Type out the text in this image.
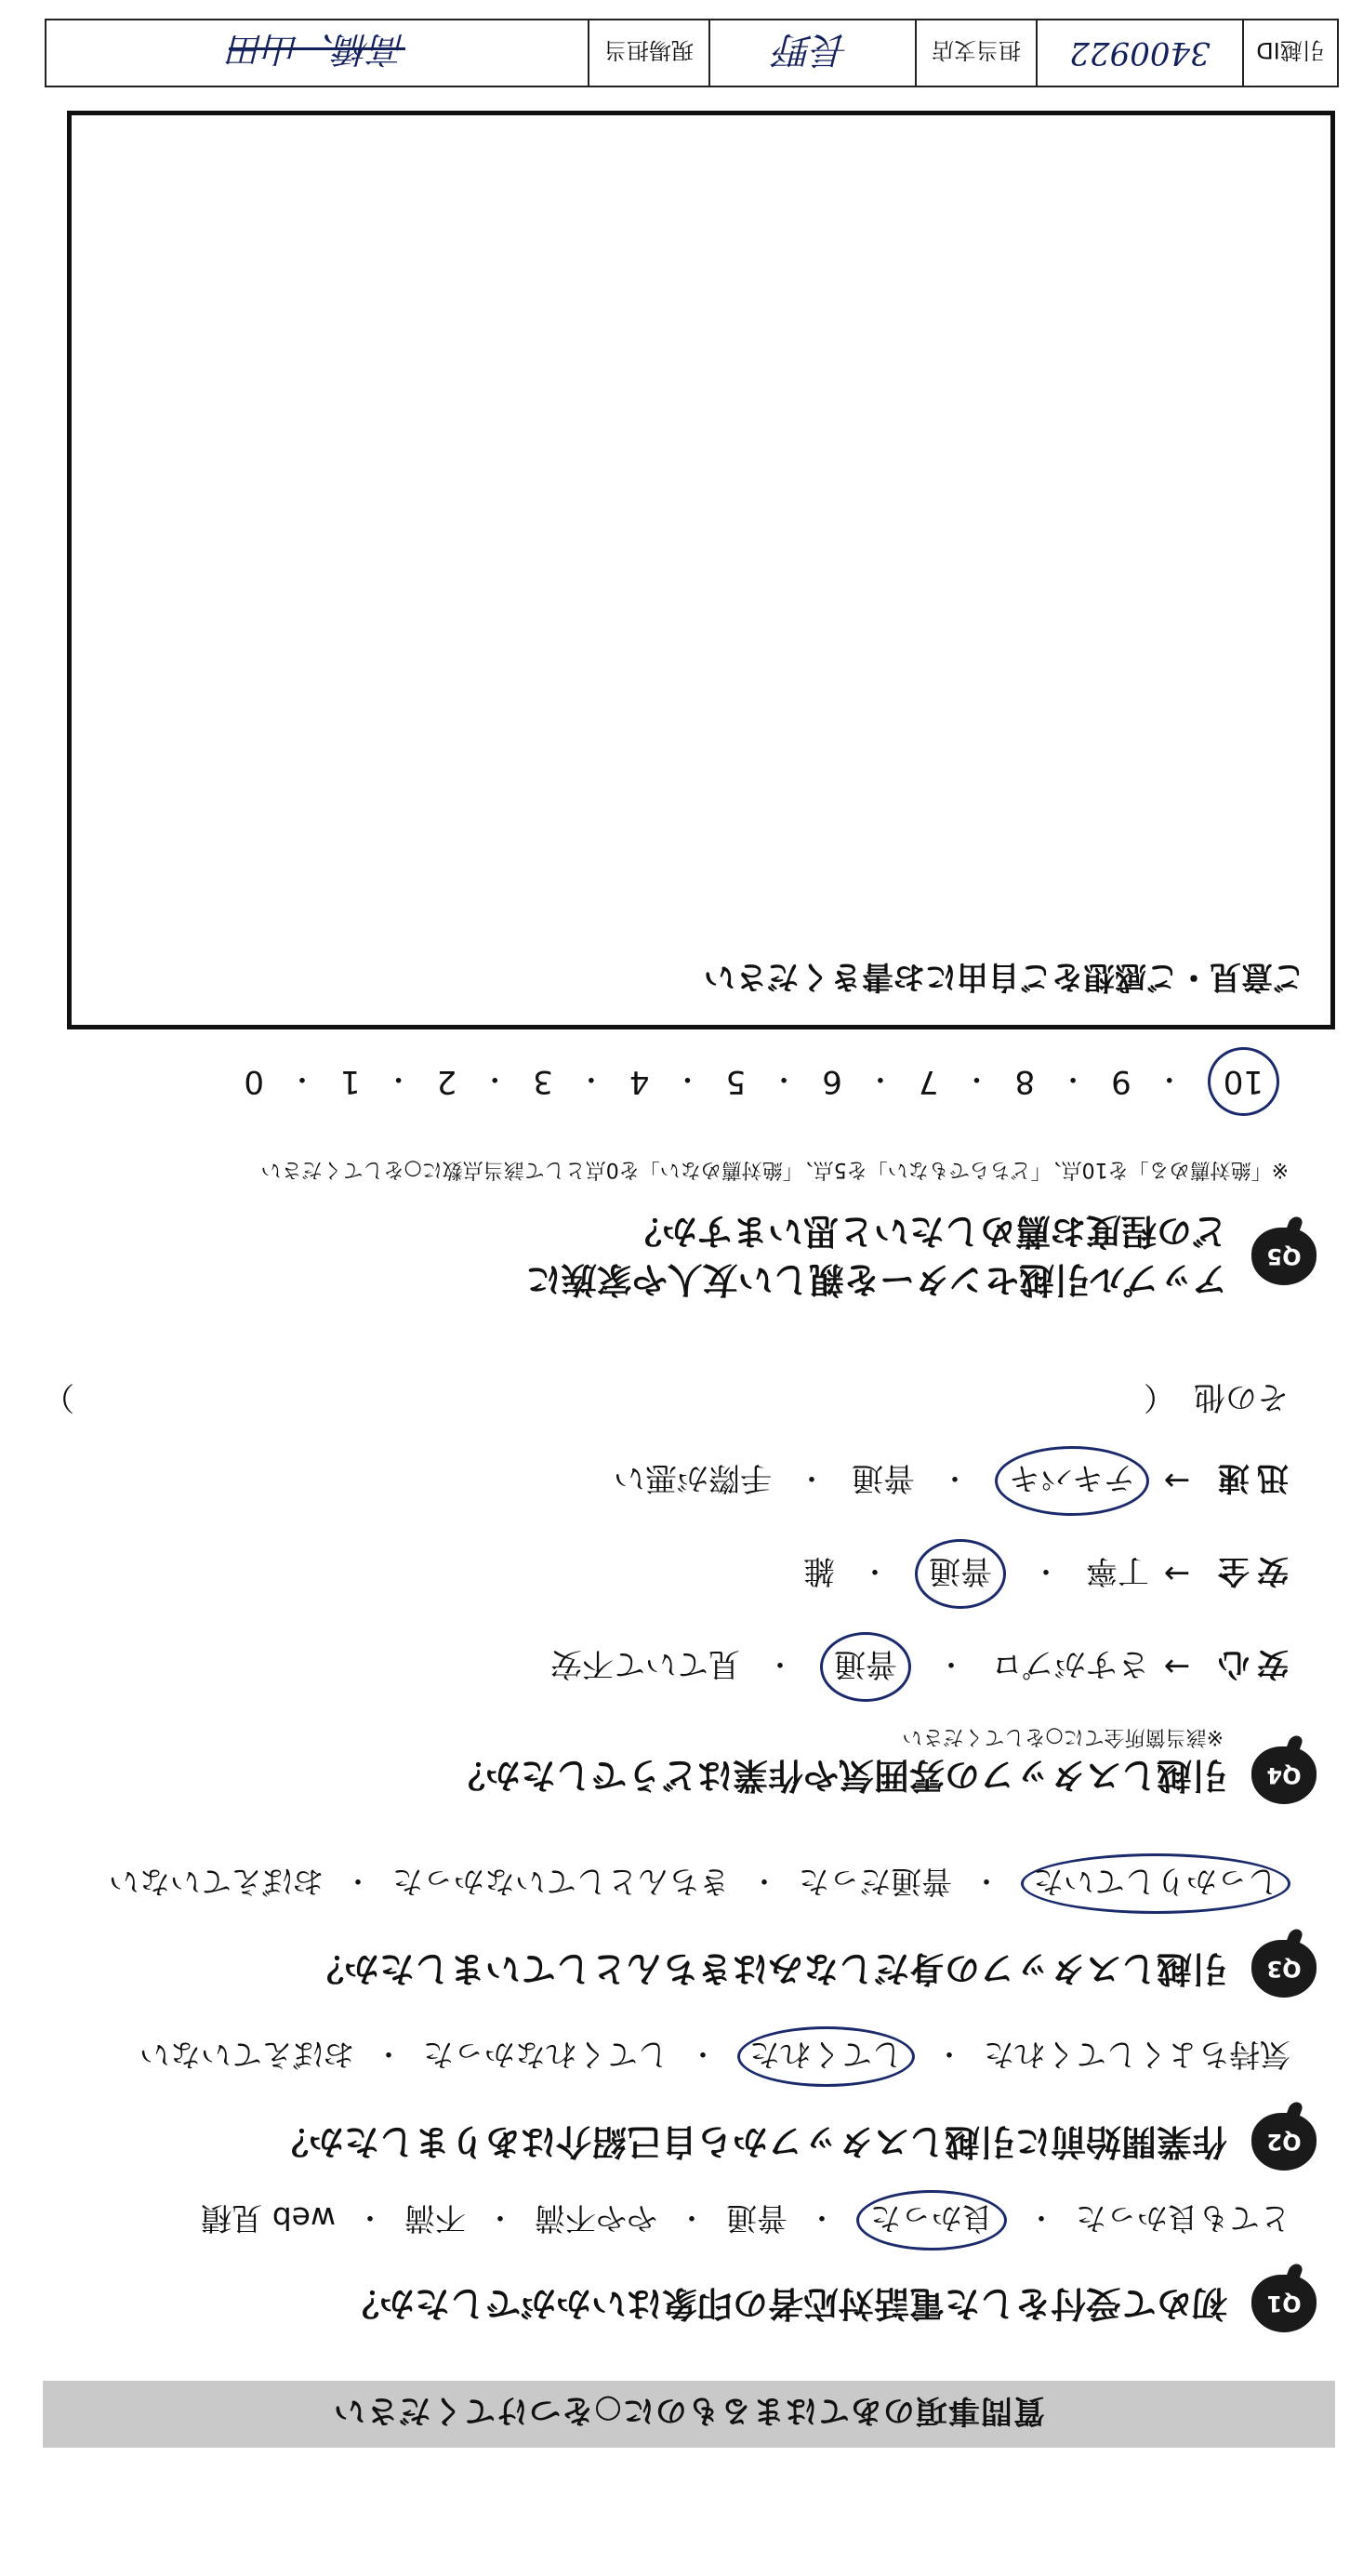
引越ID
3400922
担当支店
長野
現場担当
高橋、山田
質問事項のあてはまるものに○をつけてください
Q1
初めて受付をした電話対応者の印象はいかがでしたか？
とても良かった
・
良かった
・
普通
・
やや不満
・
不満
・
web 見積
Q2
作業開始前に引越しスタッフから自己紹介はありましたか？
気持ちよくしてくれた
・
してくれた
・
してくれなかった
・
おぼえていない
Q3
引越しスタッフの身だしなみはきちんとしていましたか？
しっかりしていた
・
普通だった
・
きちんとしていなかった
・
おぼえていない
Q4
引越しスタッフの雰囲気や作業はどうでしたか？
※該当箇所全てに○をしてください
安心
→
さすがプロ
・
普通
・
見ていて不安
安全
→
丁寧
・
普通
・
雑
迅速
→
テキパキ
・
普通
・
手際が悪い
その他
（
）
Q5
アップル引越センターを親しい友人や家族に
どの程度お薦めしたいと思いますか？
※「絶対薦める」を10点、「どちらでもない」を5点、「絶対薦めない」を0点として該当点数に○をしてください
10
・
9
・
8
・
7
・
6
・
5
・
4
・
3
・
2
・
1
・
0
ご意見・ご感想をご自由にお書きください
